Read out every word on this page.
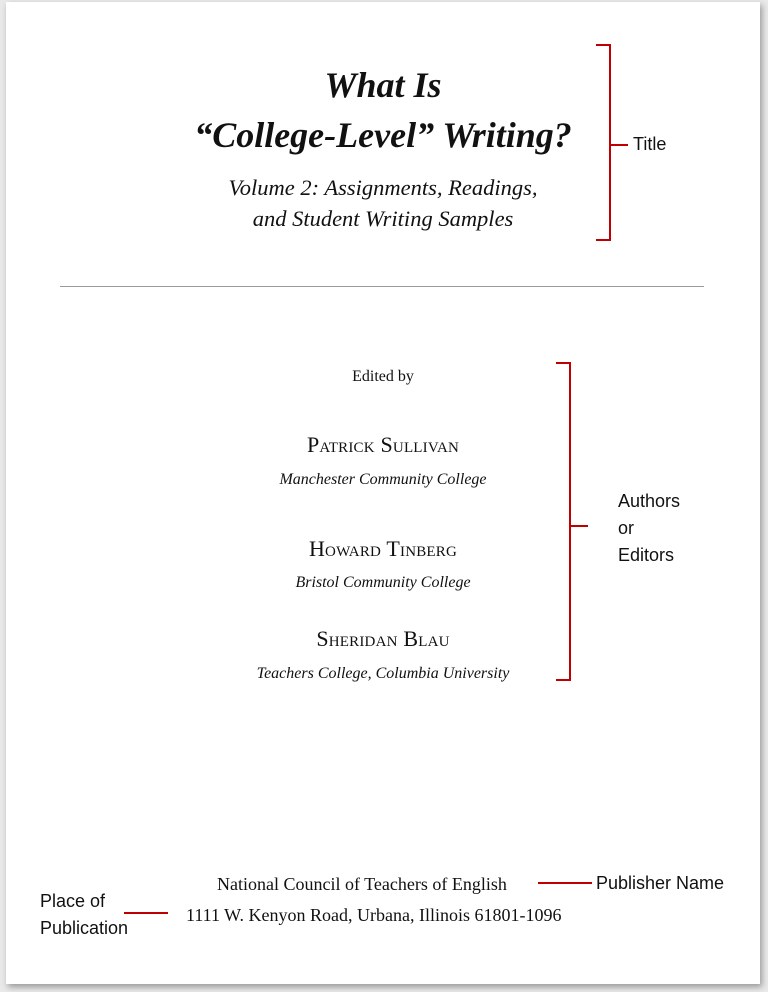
What Is
“College-Level” Writing?
Volume 2: Assignments, Readings,
and Student Writing Samples
Edited by
Patrick Sullivan
Manchester Community College
Howard Tinberg
Bristol Community College
Sheridan Blau
Teachers College, Columbia University
National Council of Teachers of English
1111 W. Kenyon Road, Urbana, Illinois 61801-1096
Title
Authors
or
Editors
Publisher Name
Place of
Publication
